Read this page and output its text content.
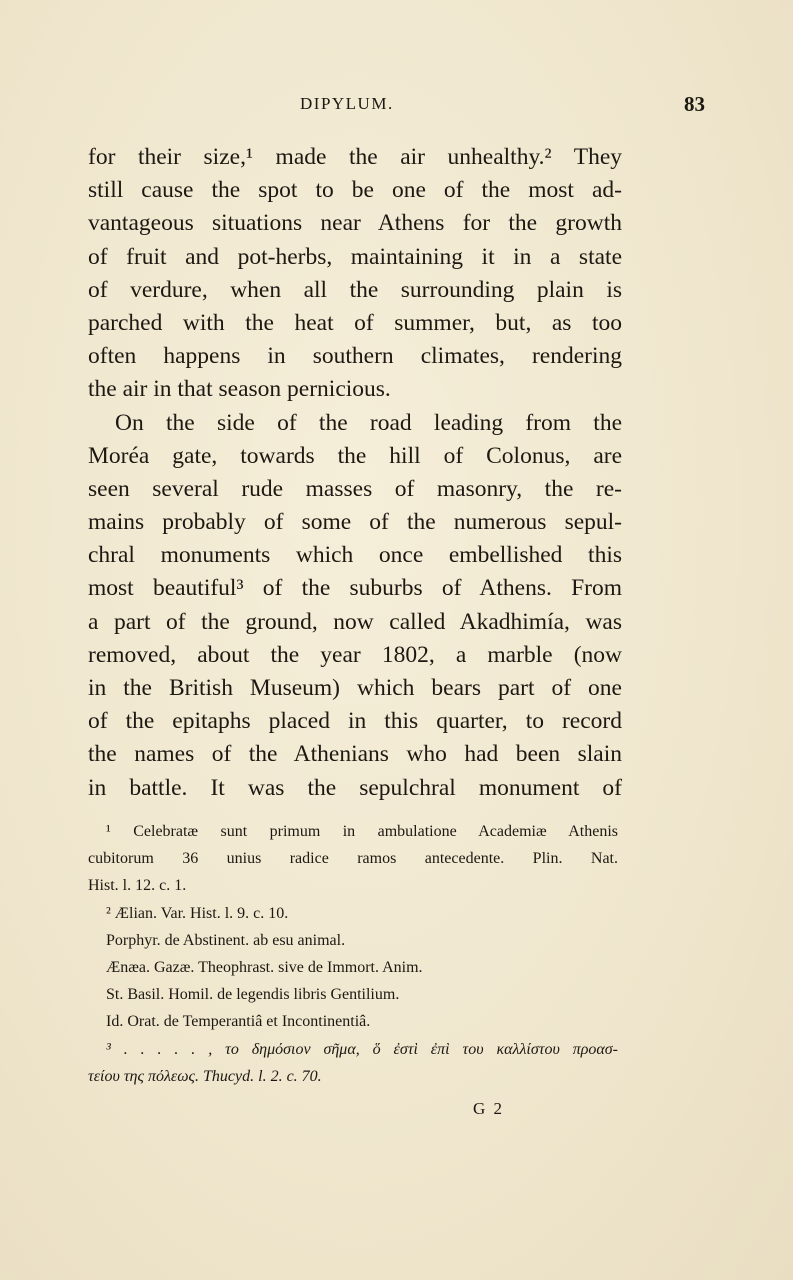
DIPYLUM.	83
for their size,¹ made the air unhealthy.² They
still cause the spot to be one of the most ad-
vantageous situations near Athens for the growth
of fruit and pot-herbs, maintaining it in a state
of verdure, when all the surrounding plain is
parched with the heat of summer, but, as too
often happens in southern climates, rendering
the air in that season pernicious.
On the side of the road leading from the
Moréa gate, towards the hill of Colonus, are
seen several rude masses of masonry, the re-
mains probably of some of the numerous sepul-
chral monuments which once embellished this
most beautiful³ of the suburbs of Athens. From
a part of the ground, now called Akadhimía, was
removed, about the year 1802, a marble (now
in the British Museum) which bears part of one
of the epitaphs placed in this quarter, to record
the names of the Athenians who had been slain
in battle. It was the sepulchral monument of
¹ Celebratæ sunt primum in ambulatione Academiæ Athenis
cubitorum 36 unius radice ramos antecedente. Plin. Nat.
Hist. l. 12. c. 1.
² Ælian. Var. Hist. l. 9. c. 10.
Porphyr. de Abstinent. ab esu animal.
Ænæa. Gazæ. Theophrast. sive de Immort. Anim.
St. Basil. Homil. de legendis libris Gentilium.
Id. Orat. de Temperantiâ et Incontinentiâ.
³ . . . . . , το δημόσιον σῆμα, ὅ ἐστὶ ἐπὶ του καλλίστου προασ-
τείου της πόλεως. Thucyd. l. 2. c. 70.
G 2
